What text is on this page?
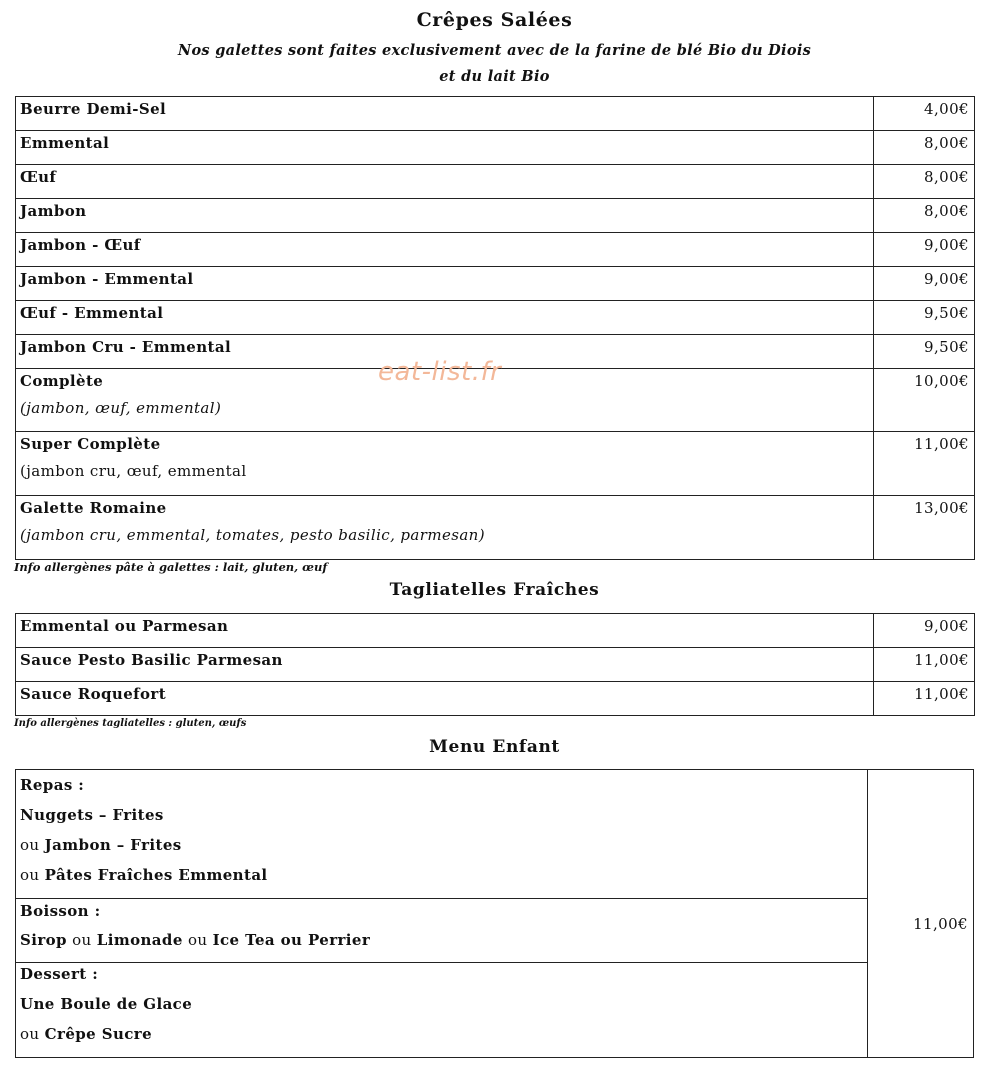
Crêpes Salées
Nos galettes sont faites exclusivement avec de la farine de blé Bio du Diois
et du lait Bio
Beurre Demi-Sel	4,00€
Emmental	8,00€
Œuf	8,00€
Jambon	8,00€
Jambon - Œuf	9,00€
Jambon - Emmental	9,00€
Œuf - Emmental	9,50€
Jambon Cru - Emmental	9,50€
Complète
(jambon, œuf, emmental)	10,00€
Super Complète
(jambon cru, œuf, emmental	11,00€
Galette Romaine
(jambon cru, emmental, tomates, pesto basilic, parmesan)	13,00€
Info allergènes pâte à galettes : lait, gluten, œuf
Tagliatelles Fraîches
Emmental ou Parmesan	9,00€
Sauce Pesto Basilic Parmesan	11,00€
Sauce Roquefort	11,00€
Info allergènes tagliatelles : gluten, œufs
Menu Enfant
Repas :
Nuggets – Frites
ou Jambon – Frites
ou Pâtes Fraîches Emmental
Boisson :
Sirop ou Limonade ou Ice Tea ou Perrier
Dessert :
Une Boule de Glace
ou Crêpe Sucre
11,00€
eat-list.fr
